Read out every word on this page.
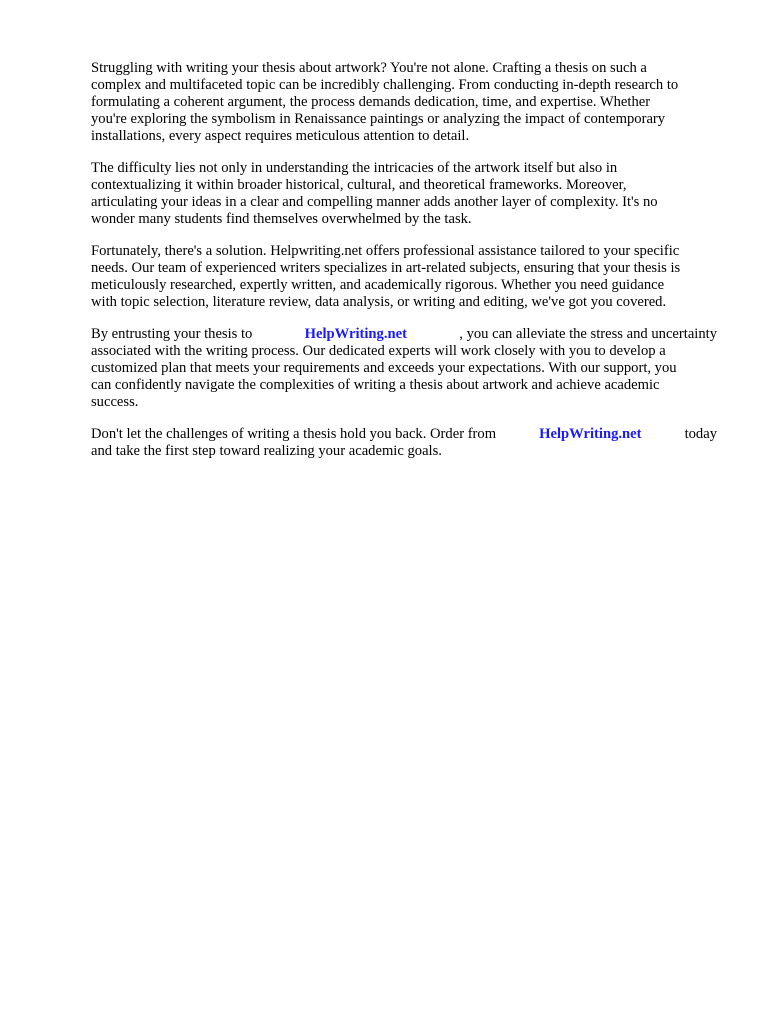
Struggling with writing your thesis about artwork? You're not alone. Crafting a thesis on such a
complex and multifaceted topic can be incredibly challenging. From conducting in-depth research to
formulating a coherent argument, the process demands dedication, time, and expertise. Whether
you're exploring the symbolism in Renaissance paintings or analyzing the impact of contemporary
installations, every aspect requires meticulous attention to detail.

The difficulty lies not only in understanding the intricacies of the artwork itself but also in
contextualizing it within broader historical, cultural, and theoretical frameworks. Moreover,
articulating your ideas in a clear and compelling manner adds another layer of complexity. It's no
wonder many students find themselves overwhelmed by the task.

Fortunately, there's a solution. Helpwriting.net offers professional assistance tailored to your specific
needs. Our team of experienced writers specializes in art-related subjects, ensuring that your thesis is
meticulously researched, expertly written, and academically rigorous. Whether you need guidance
with topic selection, literature review, data analysis, or writing and editing, we've got you covered.

By entrusting your thesis to	HelpWriting.net	, you can alleviate the stress and uncertainty
associated with the writing process. Our dedicated experts will work closely with you to develop a
customized plan that meets your requirements and exceeds your expectations. With our support, you
can confidently navigate the complexities of writing a thesis about artwork and achieve academic
success.

Don't let the challenges of writing a thesis hold you back. Order from	HelpWriting.net	today
and take the first step toward realizing your academic goals.
